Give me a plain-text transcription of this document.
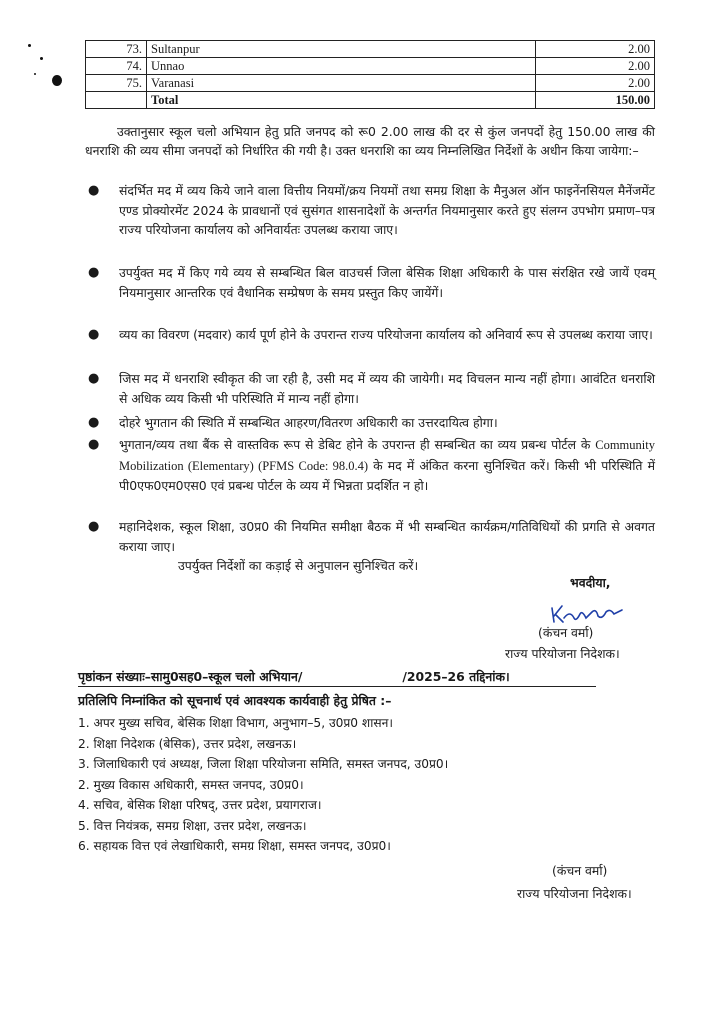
73.	Sultanpur	2.00
74.	Unnao	2.00
75.	Varanasi	2.00
	Total	150.00
उक्तानुसार स्कूल चलो अभियान हेतु प्रति जनपद को रू0 2.00 लाख की दर से कुंल जनपदों हेतु 150.00 लाख की धनराशि की व्यय सीमा जनपदों को निर्धारित की गयी है। उक्त धनराशि का व्यय निम्नलिखित निर्देशों के अधीन किया जायेगा:–
● संदर्भित मद में व्यय किये जाने वाला वित्तीय नियमों/क्रय नियमों तथा समग्र शिक्षा के मैनुअल ऑन फाइनेंनसियल मैनेंजमेंट एण्ड प्रोक्योरमेंट 2024 के प्रावधानों एवं सुसंगत शासनादेशों के अन्तर्गत नियमानुसार करते हुए संलग्न उपभोग प्रमाण–पत्र राज्य परियोजना कार्यालय को अनिवार्यतः उपलब्ध कराया जाए।
● उपर्युक्त मद में किए गये व्यय से सम्बन्धित बिल वाउचर्स जिला बेसिक शिक्षा अधिकारी के पास संरक्षित रखे जायें एवम् नियमानुसार आन्तरिक एवं वैधानिक सम्प्रेषण के समय प्रस्तुत किए जायेंगें।
● व्यय का विवरण (मदवार) कार्य पूर्ण होने के उपरान्त राज्य परियोजना कार्यालय को अनिवार्य रूप से उपलब्ध कराया जाए।
● जिस मद में धनराशि स्वीकृत की जा रही है, उसी मद में व्यय की जायेगी। मद विचलन मान्य नहीं होगा। आवंटित धनराशि से अधिक व्यय किसी भी परिस्थिति में मान्य नहीं होगा।
● दोहरे भुगतान की स्थिति में सम्बन्धित आहरण/वितरण अधिकारी का उत्तरदायित्व होगा।
● भुगतान/व्यय तथा बैंक से वास्तविक रूप से डेबिट होने के उपरान्त ही सम्बन्धित का व्यय प्रबन्ध पोर्टल के Community Mobilization (Elementary) (PFMS Code: 98.0.4) के मद में अंकित करना सुनिश्चित करें। किसी भी परिस्थिति में पी0एफ0एम0एस0 एवं प्रबन्ध पोर्टल के व्यय में भिन्नता प्रदर्शित न हो।
● महानिदेशक, स्कूल शिक्षा, उ0प्र0 की नियमित समीक्षा बैठक में भी सम्बन्धित कार्यक्रम/गतिविधियों की प्रगति से अवगत कराया जाए।
उपर्युक्त निर्देशों का कड़ाई से अनुपालन सुनिश्चित करें।
भवदीया,
(कंचन वर्मा)
राज्य परियोजना निदेशक।
पृष्ठांकन संख्याः–सामु0सह0–स्कूल चलो अभियान/	/2025–26 तद्दिनांक।
प्रतिलिपि निम्नांकित को सूचनार्थ एवं आवश्यक कार्यवाही हेतु प्रेषित :–
1. अपर मुख्य सचिव, बेसिक शिक्षा विभाग, अनुभाग–5, उ0प्र0 शासन।
2. शिक्षा निदेशक (बेसिक), उत्तर प्रदेश, लखनऊ।
3. जिलाधिकारी एवं अध्यक्ष, जिला शिक्षा परियोजना समिति, समस्त जनपद, उ0प्र0।
2. मुख्य विकास अधिकारी, समस्त जनपद, उ0प्र0।
4. सचिव, बेसिक शिक्षा परिषद्, उत्तर प्रदेश, प्रयागराज।
5. वित्त नियंत्रक, समग्र शिक्षा, उत्तर प्रदेश, लखनऊ।
6. सहायक वित्त एवं लेखाधिकारी, समग्र शिक्षा, समस्त जनपद, उ0प्र0।
(कंचन वर्मा)
राज्य परियोजना निदेशक।
